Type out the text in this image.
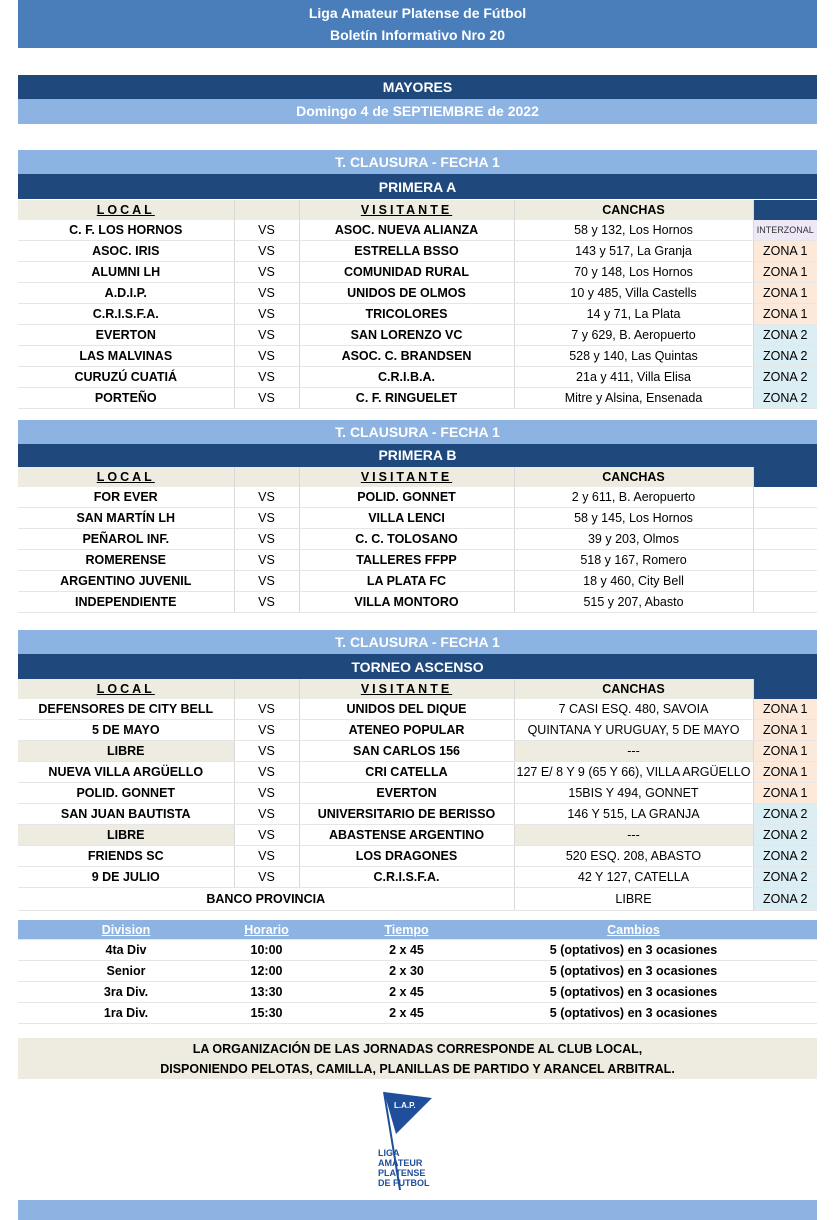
Liga Amateur Platense de Fútbol
Boletín Informativo Nro 20
MAYORES
Domingo 4 de SEPTIEMBRE de 2022
T. CLAUSURA - FECHA 1
PRIMERA A
T. CLAUSURA - FECHA 1
PRIMERA B
T. CLAUSURA - FECHA 1
TORNEO ASCENSO
LOCAL		VISITANTE	CANCHAS	
C. F. LOS HORNOS	VS	ASOC. NUEVA ALIANZA	58 y 132, Los Hornos	INTERZONAL
ASOC. IRIS	VS	ESTRELLA BSSO	143 y 517, La Granja	ZONA 1
ALUMNI LH	VS	COMUNIDAD RURAL	70 y 148, Los Hornos	ZONA 1
A.D.I.P.	VS	UNIDOS DE OLMOS	10 y 485, Villa Castells	ZONA 1
C.R.I.S.F.A.	VS	TRICOLORES	14 y 71, La Plata	ZONA 1
EVERTON	VS	SAN LORENZO VC	7 y 629, B. Aeropuerto	ZONA 2
LAS MALVINAS	VS	ASOC. C. BRANDSEN	528 y 140, Las Quintas	ZONA 2
CURUZÚ CUATIÁ	VS	C.R.I.B.A.	21a y 411, Villa Elisa	ZONA 2
PORTEÑO	VS	C. F. RINGUELET	Mitre y Alsina, Ensenada	ZONA 2
LOCAL		VISITANTE	CANCHAS	
FOR EVER	VS	POLID. GONNET	2 y 611, B. Aeropuerto	
SAN MARTÍN LH	VS	VILLA LENCI	58 y 145, Los Hornos	
PEÑAROL INF.	VS	C. C. TOLOSANO	39 y 203, Olmos	
ROMERENSE	VS	TALLERES FFPP	518 y 167, Romero	
ARGENTINO JUVENIL	VS	LA PLATA FC	18 y 460, City Bell	
INDEPENDIENTE	VS	VILLA MONTORO	515 y 207, Abasto	
LOCAL		VISITANTE	CANCHAS	
DEFENSORES DE CITY BELL	VS	UNIDOS DEL DIQUE	7 CASI ESQ. 480, SAVOIA	ZONA 1
5 DE MAYO	VS	ATENEO POPULAR	QUINTANA Y URUGUAY, 5 DE MAYO	ZONA 1
LIBRE	VS	SAN CARLOS 156	---	ZONA 1
NUEVA VILLA ARGÜELLO	VS	CRI CATELLA	127 E/ 8 Y 9 (65 Y 66), VILLA ARGÜELLO	ZONA 1
POLID. GONNET	VS	EVERTON	15BIS Y 494, GONNET	ZONA 1
SAN JUAN BAUTISTA	VS	UNIVERSITARIO DE BERISSO	146 Y 515, LA GRANJA	ZONA 2
LIBRE	VS	ABASTENSE ARGENTINO	---	ZONA 2
FRIENDS SC	VS	LOS DRAGONES	520 ESQ. 208, ABASTO	ZONA 2
9 DE JULIO	VS	C.R.I.S.F.A.	42 Y 127, CATELLA	ZONA 2
BANCO PROVINCIA			LIBRE	ZONA 2
Division	Horario	Tiempo	Cambios	
4ta Div	10:00	2 x 45	5 (optativos) en 3 ocasiones	
Senior	12:00	2 x 30	5 (optativos) en 3 ocasiones	
3ra Div.	13:30	2 x 45	5 (optativos) en 3 ocasiones	
1ra Div.	15:30	2 x 45	5 (optativos) en 3 ocasiones	
LA ORGANIZACIÓN DE LAS JORNADAS CORRESPONDE AL CLUB LOCAL,
DISPONIENDO PELOTAS, CAMILLA, PLANILLAS DE PARTIDO Y ARANCEL ARBITRAL.
L.A.P.
LIGA
AMATEUR
PLATENSE
DE FUTBOL
